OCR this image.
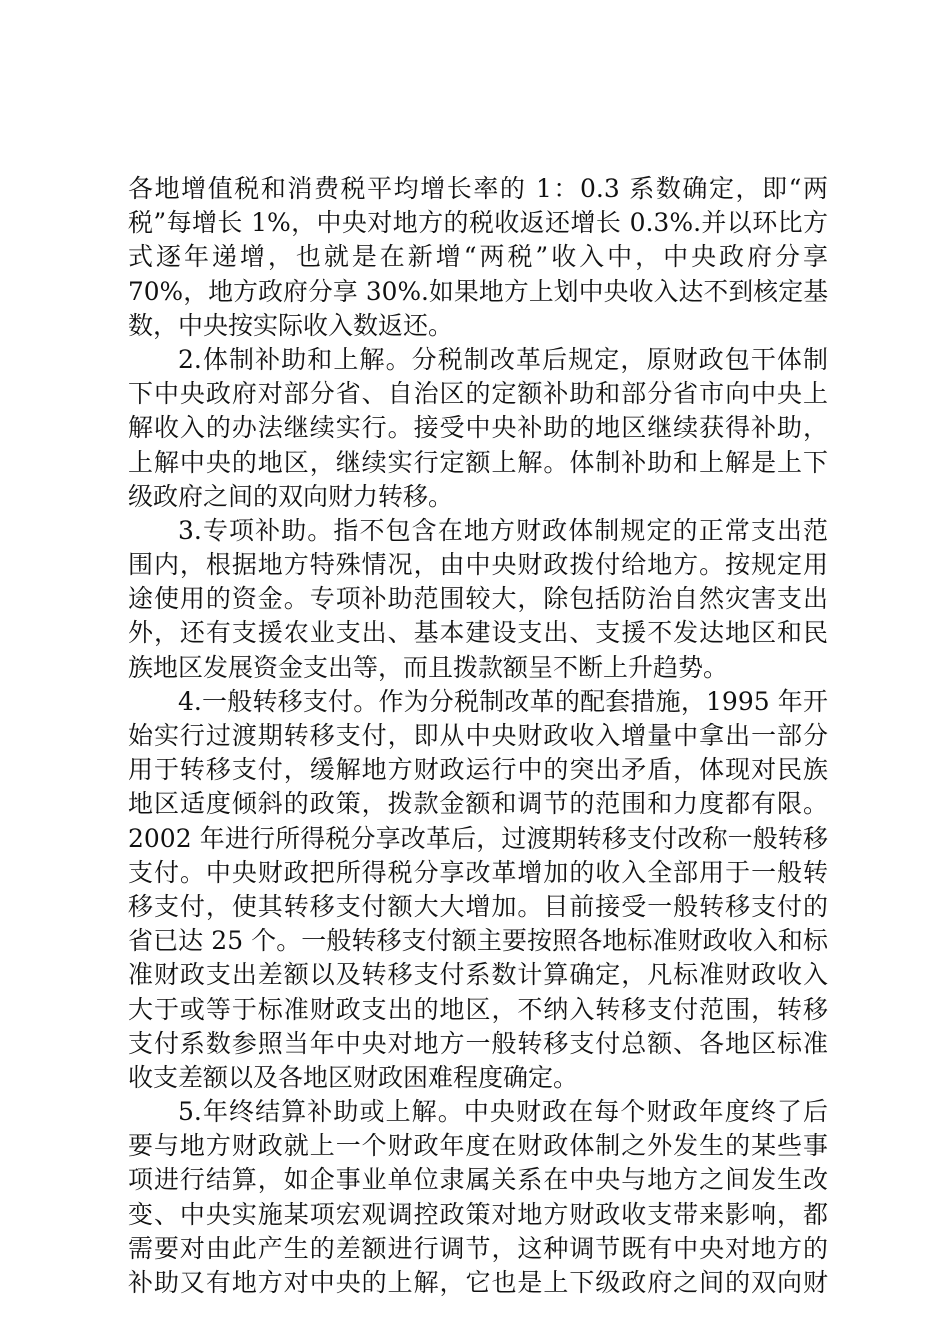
各地增值税和消费税平均增长率的 1：0.3 系数确定，即“两
税”每增长 1%，中央对地方的税收返还增长 0.3%.并以环比方
式逐年递增，也就是在新增“两税”收入中，中央政府分享
70%，地方政府分享 30%.如果地方上划中央收入达不到核定基
数，中央按实际收入数返还。
2.体制补助和上解。分税制改革后规定，原财政包干体制
下中央政府对部分省、自治区的定额补助和部分省市向中央上
解收入的办法继续实行。接受中央补助的地区继续获得补助，
上解中央的地区，继续实行定额上解。体制补助和上解是上下
级政府之间的双向财力转移。
3.专项补助。指不包含在地方财政体制规定的正常支出范
围内，根据地方特殊情况，由中央财政拨付给地方。按规定用
途使用的资金。专项补助范围较大，除包括防治自然灾害支出
外，还有支援农业支出、基本建设支出、支援不发达地区和民
族地区发展资金支出等，而且拨款额呈不断上升趋势。
4.一般转移支付。作为分税制改革的配套措施，1995 年开
始实行过渡期转移支付，即从中央财政收入增量中拿出一部分
用于转移支付，缓解地方财政运行中的突出矛盾，体现对民族
地区适度倾斜的政策，拨款金额和调节的范围和力度都有限。
2002 年进行所得税分享改革后，过渡期转移支付改称一般转移
支付。中央财政把所得税分享改革增加的收入全部用于一般转
移支付，使其转移支付额大大增加。目前接受一般转移支付的
省已达 25 个。一般转移支付额主要按照各地标准财政收入和标
准财政支出差额以及转移支付系数计算确定，凡标准财政收入
大于或等于标准财政支出的地区，不纳入转移支付范围，转移
支付系数参照当年中央对地方一般转移支付总额、各地区标准
收支差额以及各地区财政困难程度确定。
5.年终结算补助或上解。中央财政在每个财政年度终了后
要与地方财政就上一个财政年度在财政体制之外发生的某些事
项进行结算，如企事业单位隶属关系在中央与地方之间发生改
变、中央实施某项宏观调控政策对地方财政收支带来影响，都
需要对由此产生的差额进行调节，这种调节既有中央对地方的
补助又有地方对中央的上解，它也是上下级政府之间的双向财
